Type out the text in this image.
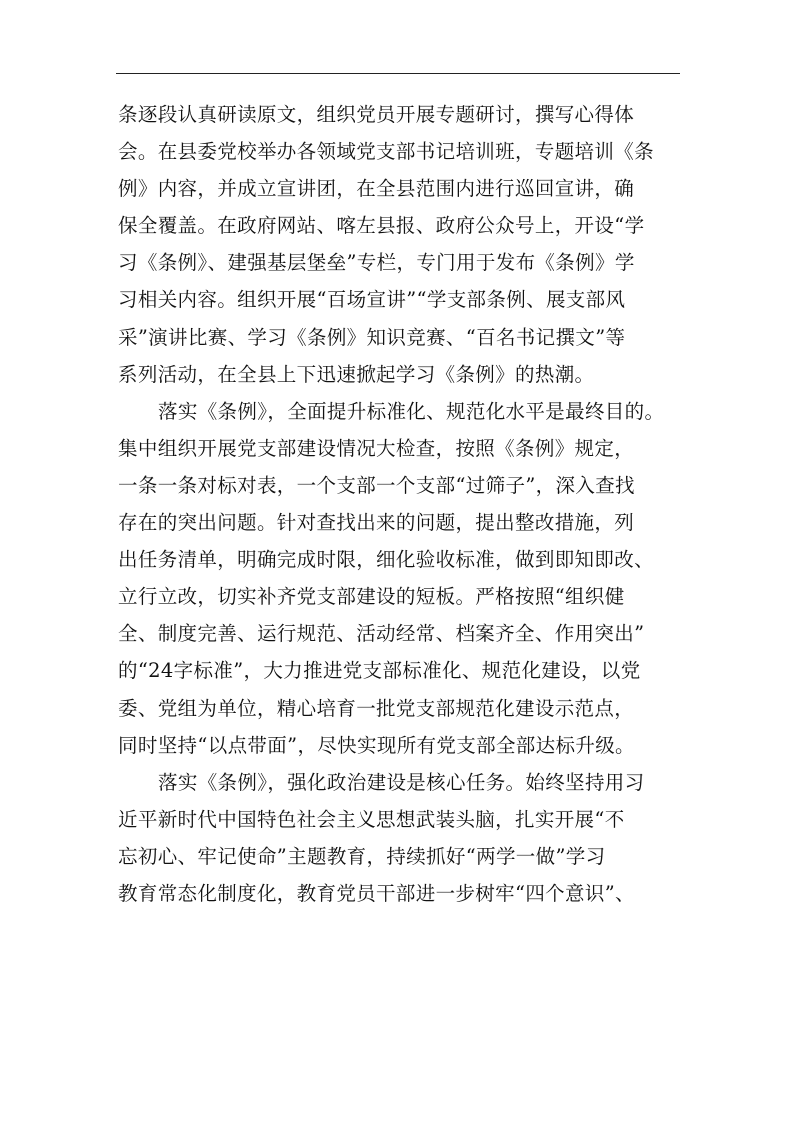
条逐段认真研读原文，组织党员开展专题研讨，撰写心得体
会。在县委党校举办各领域党支部书记培训班，专题培训《条
例》内容，并成立宣讲团，在全县范围内进行巡回宣讲，确
保全覆盖。在政府网站、喀左县报、政府公众号上，开设“学
习《条例》、建强基层堡垒”专栏，专门用于发布《条例》学
习相关内容。组织开展“百场宣讲”“学支部条例、展支部风
采”演讲比赛、学习《条例》知识竞赛、“百名书记撰文”等
系列活动，在全县上下迅速掀起学习《条例》的热潮。
落实《条例》，全面提升标准化、规范化水平是最终目的。
集中组织开展党支部建设情况大检查，按照《条例》规定，
一条一条对标对表，一个支部一个支部“过筛子”，深入查找
存在的突出问题。针对查找出来的问题，提出整改措施，列
出任务清单，明确完成时限，细化验收标准，做到即知即改、
立行立改，切实补齐党支部建设的短板。严格按照“组织健
全、制度完善、运行规范、活动经常、档案齐全、作用突出”
的“24字标准”，大力推进党支部标准化、规范化建设，以党
委、党组为单位，精心培育一批党支部规范化建设示范点，
同时坚持“以点带面”，尽快实现所有党支部全部达标升级。
落实《条例》，强化政治建设是核心任务。始终坚持用习
近平新时代中国特色社会主义思想武装头脑，扎实开展“不
忘初心、牢记使命”主题教育，持续抓好“两学一做”学习
教育常态化制度化，教育党员干部进一步树牢“四个意识”、
